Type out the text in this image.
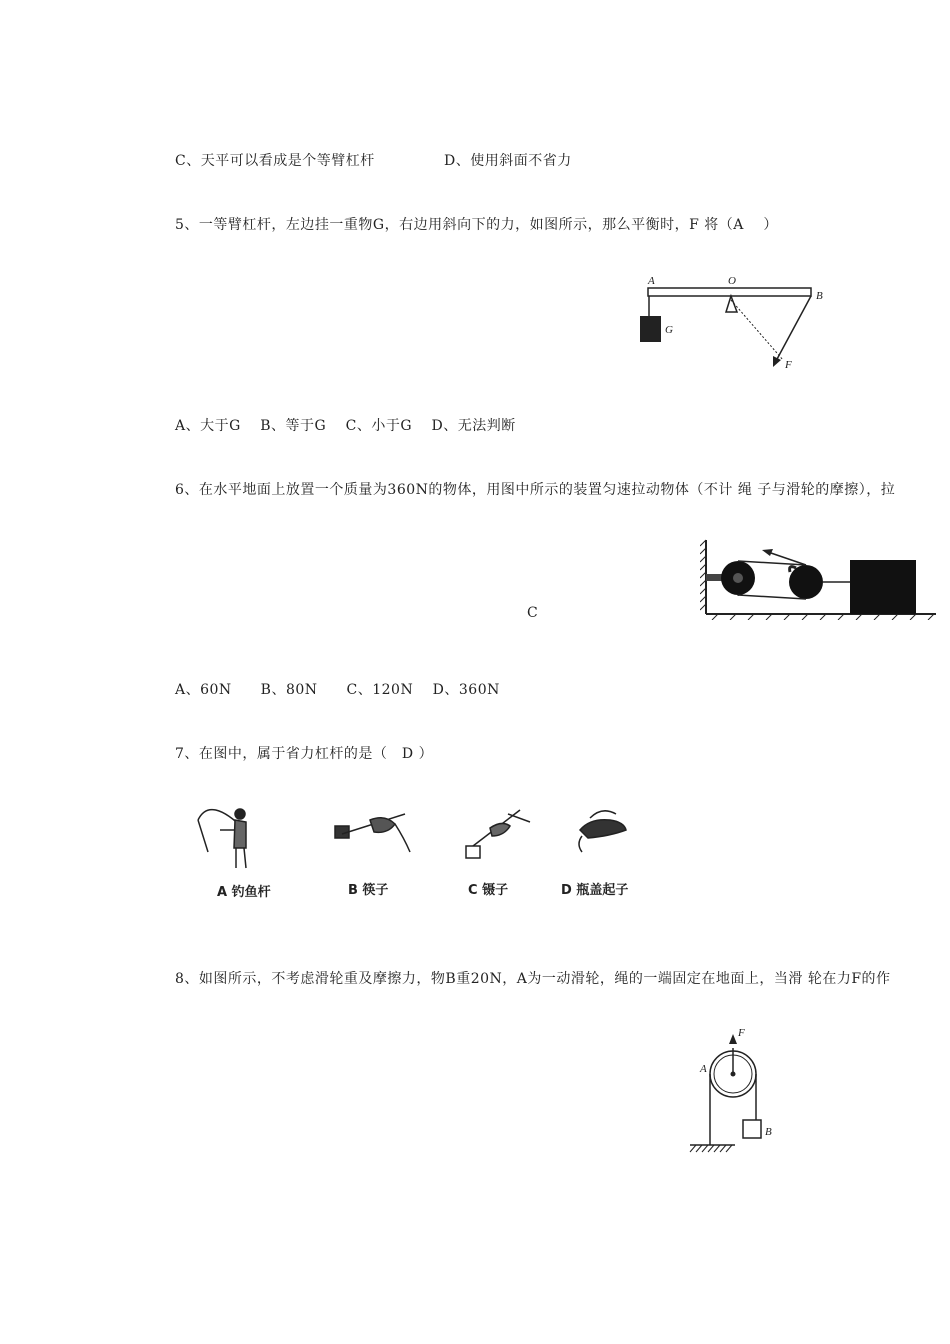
C、天平可以看成是个等臂杠杆	D、使用斜面不省力
5、一等臂杠杆，左边挂一重物G，右边用斜向下的力，如图所示，那么平衡时，F 将（A　 ）
A	O
B
G
F
A、大于G　 B、等于G　 C、小于G　 D、无法判断
6、在水平地面上放置一个质量为360N的物体，用图中所示的装置匀速拉动物体（不计 绳 子与滑轮的摩擦），拉
C
A、60N　　B、80N　　C、120N　 D、360N
7、在图中，属于省力杠杆的是（　D ）
A 钓鱼杆	B 筷子	C 镊子	D 瓶盖起子
8、如图所示，不考虑滑轮重及摩擦力，物B重20N，A为一动滑轮，绳的一端固定在地面上，当滑 轮在力F的作
F
A
B
